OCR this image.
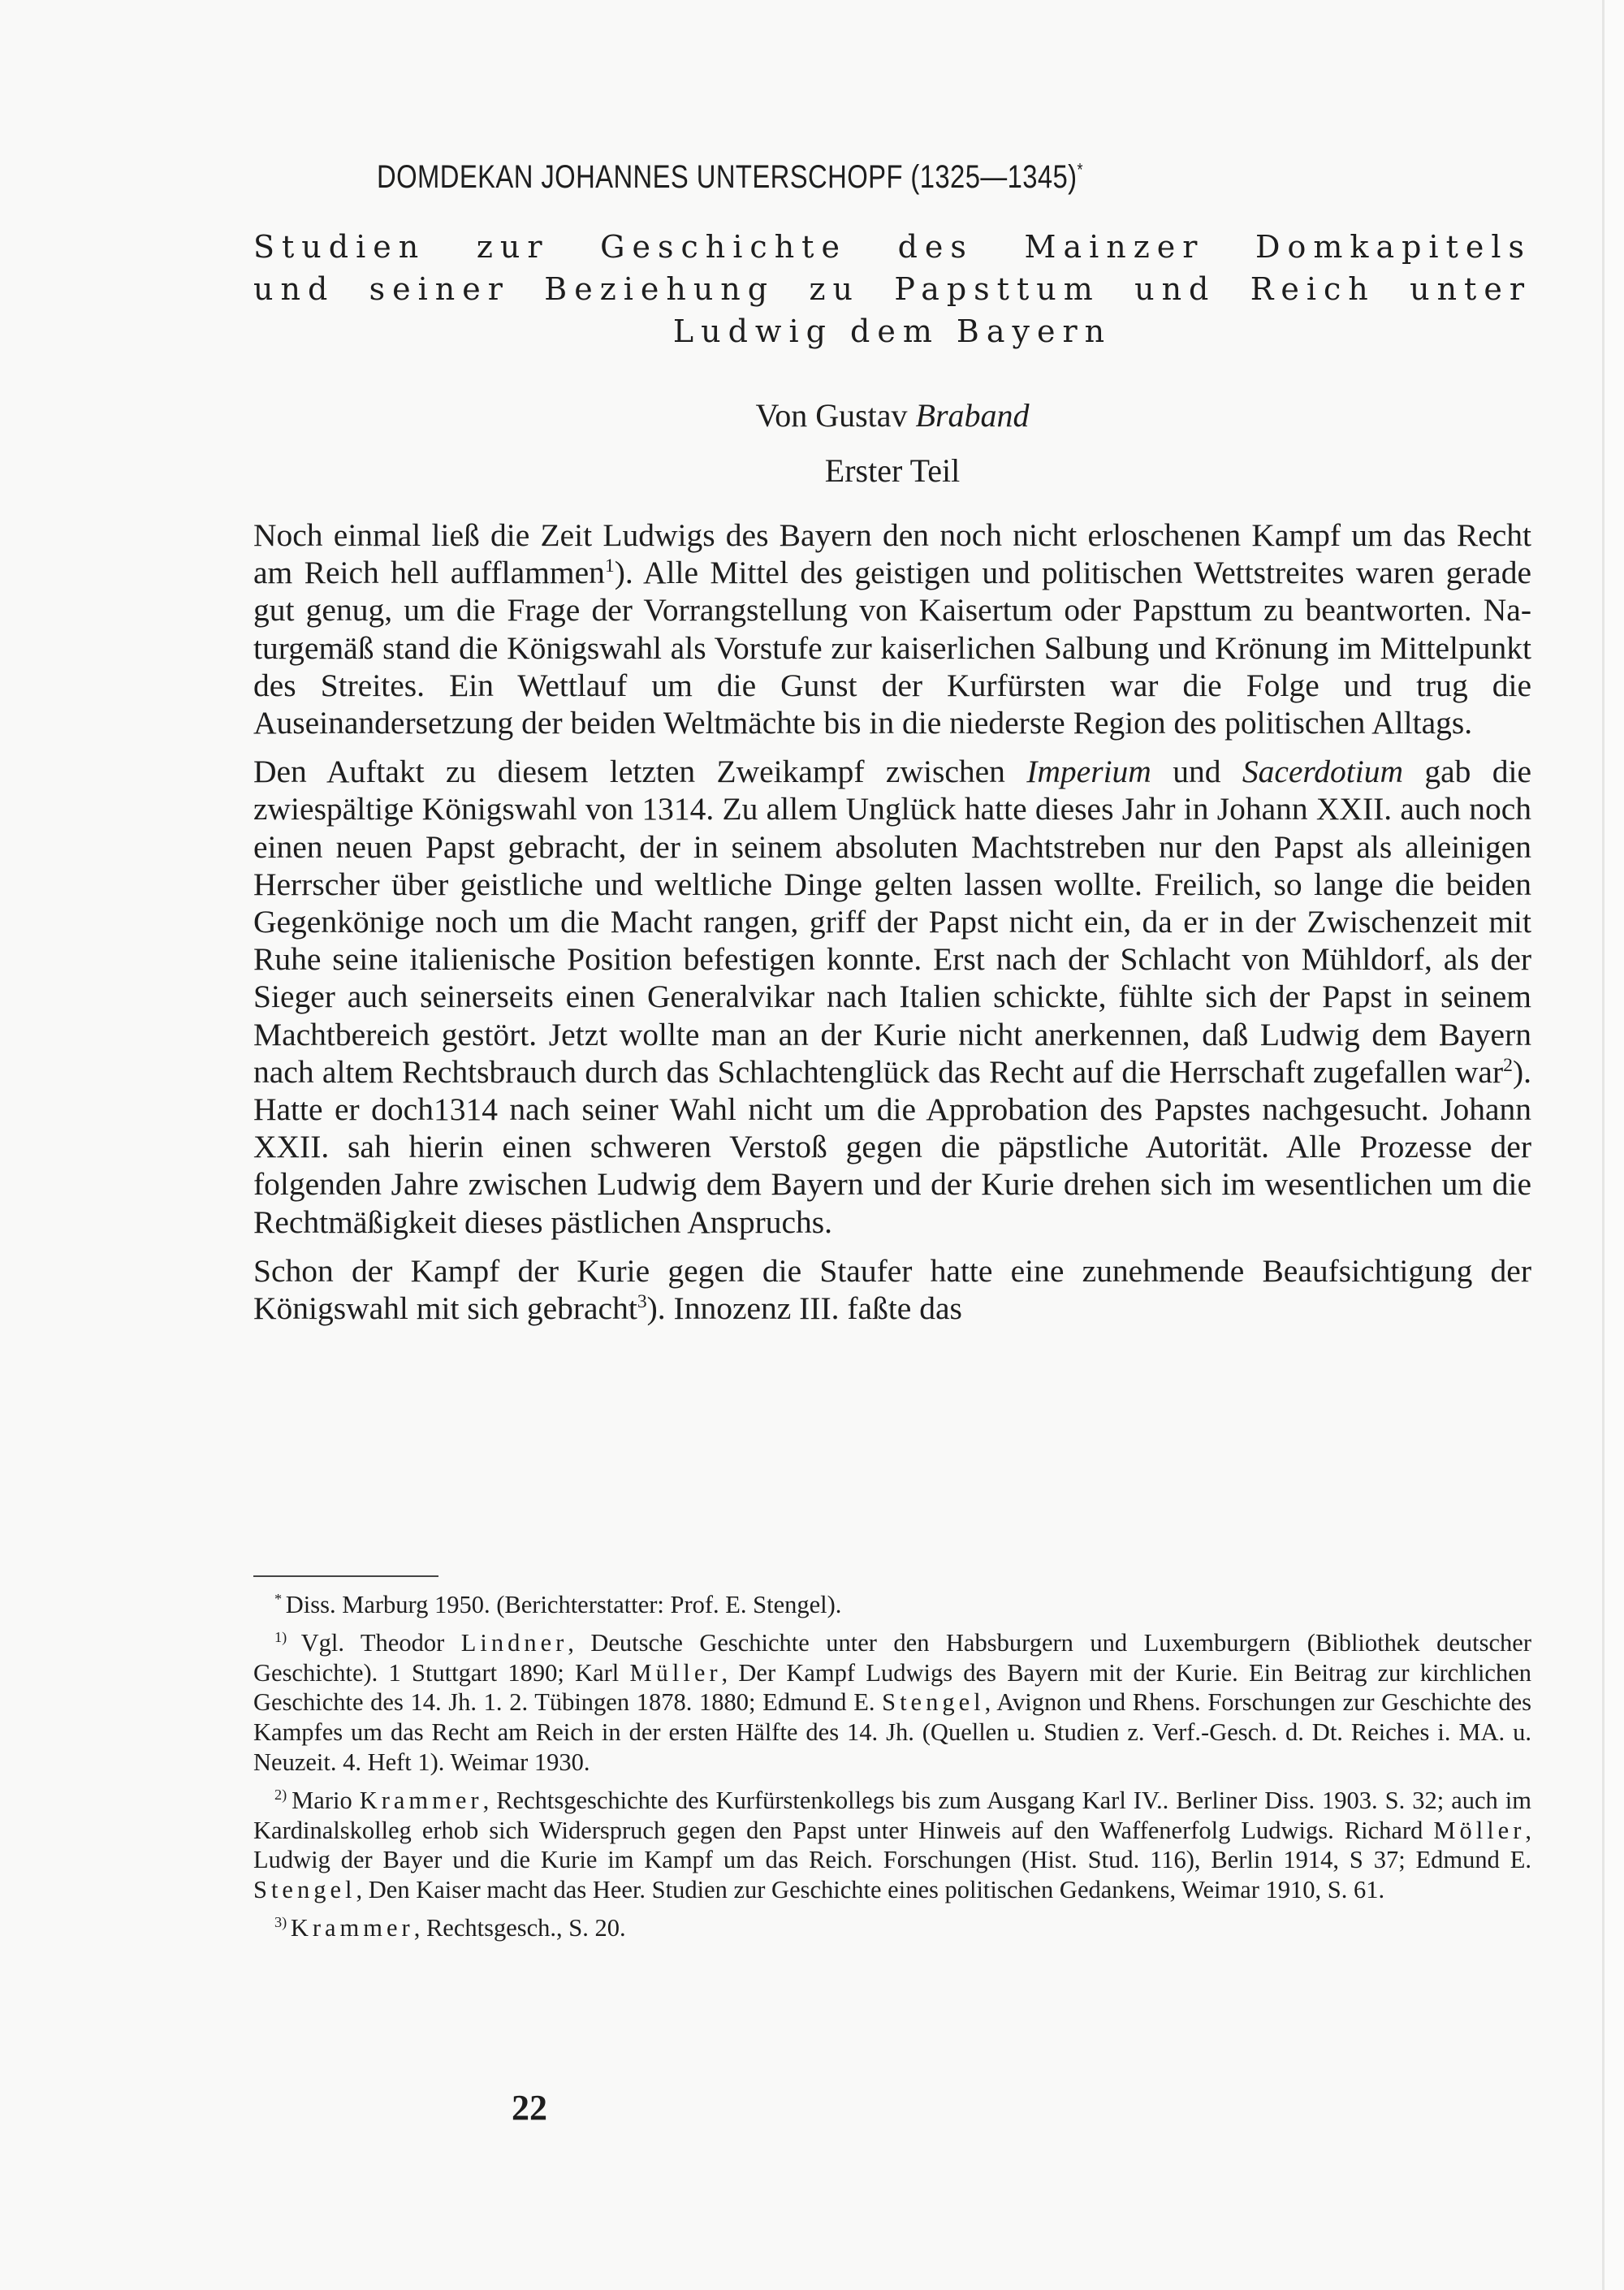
DOMDEKAN JOHANNES UNTERSCHOPF (1325—1345)*
Studien zur Geschichte des Mainzer Domkapitels
und seiner Beziehung zu Papsttum und Reich unter
Ludwig dem Bayern
Von Gustav Braband
Erster Teil

Noch einmal ließ die Zeit Ludwigs des Bayern den noch nicht erloschenen Kampf um das Recht am Reich hell aufflammen$^1$). Alle Mittel des geistigen und politischen Wettstreites waren gerade gut genug, um die Frage der Vorrangstellung von Kaisertum oder Papsttum zu beantworten. Naturgemäß stand die Königswahl als Vorstufe zur kaiserlichen Salbung und Krönung im Mittelpunkt des Streites. Ein Wettlauf um die Gunst der Kurfürsten war die Folge und trug die Auseinandersetzung der beiden Weltmächte bis in die niederste Region des politischen Alltags.

Den Auftakt zu diesem letzten Zweikampf zwischen Imperium und Sacerdotium gab die zwiespältige Königswahl von 1314. Zu allem Unglück hatte dieses Jahr in Johann XXII. auch noch einen neuen Papst gebracht, der in seinem absoluten Machtstreben nur den Papst als alleinigen Herrscher über geistliche und weltliche Dinge gelten lassen wollte. Freilich, so lange die beiden Gegenkönige noch um die Macht rangen, griff der Papst nicht ein, da er in der Zwischenzeit mit Ruhe seine italienische Position befestigen konnte. Erst nach der Schlacht von Mühldorf, als der Sieger auch seinerseits einen Generalvikar nach Italien schickte, fühlte sich der Papst in seinem Machtbereich gestört. Jetzt wollte man an der Kurie nicht anerkennen, daß Ludwig dem Bayern nach altem Rechtsbrauch durch das Schlachtenglück das Recht auf die Herrschaft zugefallen war$^2$). Hatte er doch1314 nach seiner Wahl nicht um die Approbation des Papstes nachgesucht. Johann XXII. sah hierin einen schweren Verstoß gegen die päpstliche Autorität. Alle Prozesse der folgenden Jahre zwischen Ludwig dem Bayern und der Kurie drehen sich im wesentlichen um die Rechtmäßigkeit dieses pästlichen Anspruchs.

Schon der Kampf der Kurie gegen die Staufer hatte eine zunehmende Beaufsichtigung der Königswahl mit sich gebracht$^3$). Innozenz III. faßte das

* Diss. Marburg 1950. (Berichterstatter: Prof. E. Stengel).
$^{1)}$ Vgl. Theodor Lindner, Deutsche Geschichte unter den Habsburgern und Luxemburgern (Bibliothek deutscher Geschichte). 1 Stuttgart 1890; Karl Müller, Der Kampf Ludwigs des Bayern mit der Kurie. Ein Beitrag zur kirchlichen Geschichte des 14. Jh. 1. 2. Tübingen 1878. 1880; Edmund E. Stengel, Avignon und Rhens. Forschungen zur Geschichte des Kampfes um das Recht am Reich in der ersten Hälfte des 14. Jh. (Quellen u. Studien z. Verf.-Gesch. d. Dt. Reiches i. MA. u. Neuzeit. 4. Heft 1). Weimar 1930.
$^{2)}$ Mario Krammer, Rechtsgeschichte des Kurfürstenkollegs bis zum Ausgang Karl IV.. Berliner Diss. 1903. S. 32; auch im Kardinalskolleg erhob sich Widerspruch gegen den Papst unter Hinweis auf den Waffenerfolg Ludwigs. Richard Möller, Ludwig der Bayer und die Kurie im Kampf um das Reich. Forschungen (Hist. Stud. 116), Berlin 1914, S 37; Edmund E. Stengel, Den Kaiser macht das Heer. Studien zur Geschichte eines politischen Gedankens, Weimar 1910, S. 61.
$^{3)}$ Krammer, Rechtsgesch., S. 20.
22
